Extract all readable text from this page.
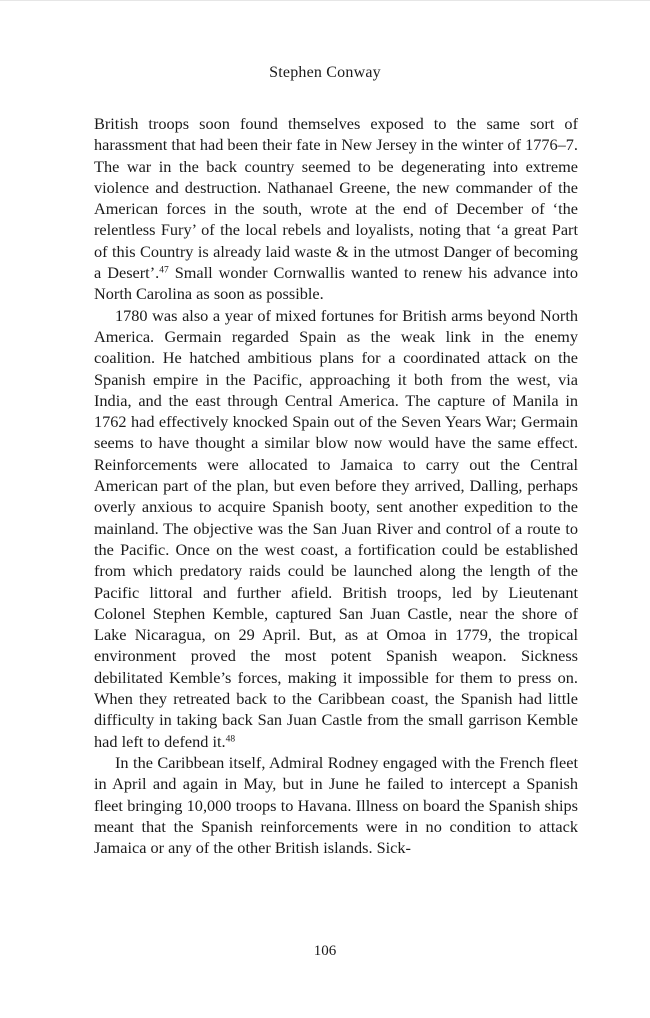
Stephen Conway

British troops soon found themselves exposed to the same sort of harassment that had been their fate in New Jersey in the winter of 1776–7. The war in the back country seemed to be degenerating into extreme violence and destruction. Nathanael Greene, the new commander of the American forces in the south, wrote at the end of December of ‘the relentless Fury’ of the local rebels and loyalists, noting that ‘a great Part of this Country is already laid waste & in the utmost Danger of becoming a Desert’.$^{47}$ Small wonder Cornwallis wanted to renew his advance into North Carolina as soon as possible.

1780 was also a year of mixed fortunes for British arms beyond North America. Germain regarded Spain as the weak link in the enemy coalition. He hatched ambitious plans for a coordinated attack on the Spanish empire in the Pacific, approaching it both from the west, via India, and the east through Central America. The capture of Manila in 1762 had effectively knocked Spain out of the Seven Years War; Germain seems to have thought a similar blow now would have the same effect. Reinforcements were allocated to Jamaica to carry out the Central American part of the plan, but even before they arrived, Dalling, perhaps overly anxious to acquire Spanish booty, sent another expedition to the mainland. The objective was the San Juan River and control of a route to the Pacific. Once on the west coast, a fortification could be established from which predatory raids could be launched along the length of the Pacific littoral and further afield. British troops, led by Lieutenant Colonel Stephen Kemble, captured San Juan Castle, near the shore of Lake Nicaragua, on 29 April. But, as at Omoa in 1779, the tropical environment proved the most potent Spanish weapon. Sickness debilitated Kemble’s forces, making it impossible for them to press on. When they retreated back to the Caribbean coast, the Spanish had little difficulty in taking back San Juan Castle from the small garrison Kemble had left to defend it.$^{48}$

In the Caribbean itself, Admiral Rodney engaged with the French fleet in April and again in May, but in June he failed to intercept a Spanish fleet bringing 10,000 troops to Havana. Illness on board the Spanish ships meant that the Spanish reinforcements were in no condition to attack Jamaica or any of the other British islands. Sick-

106
